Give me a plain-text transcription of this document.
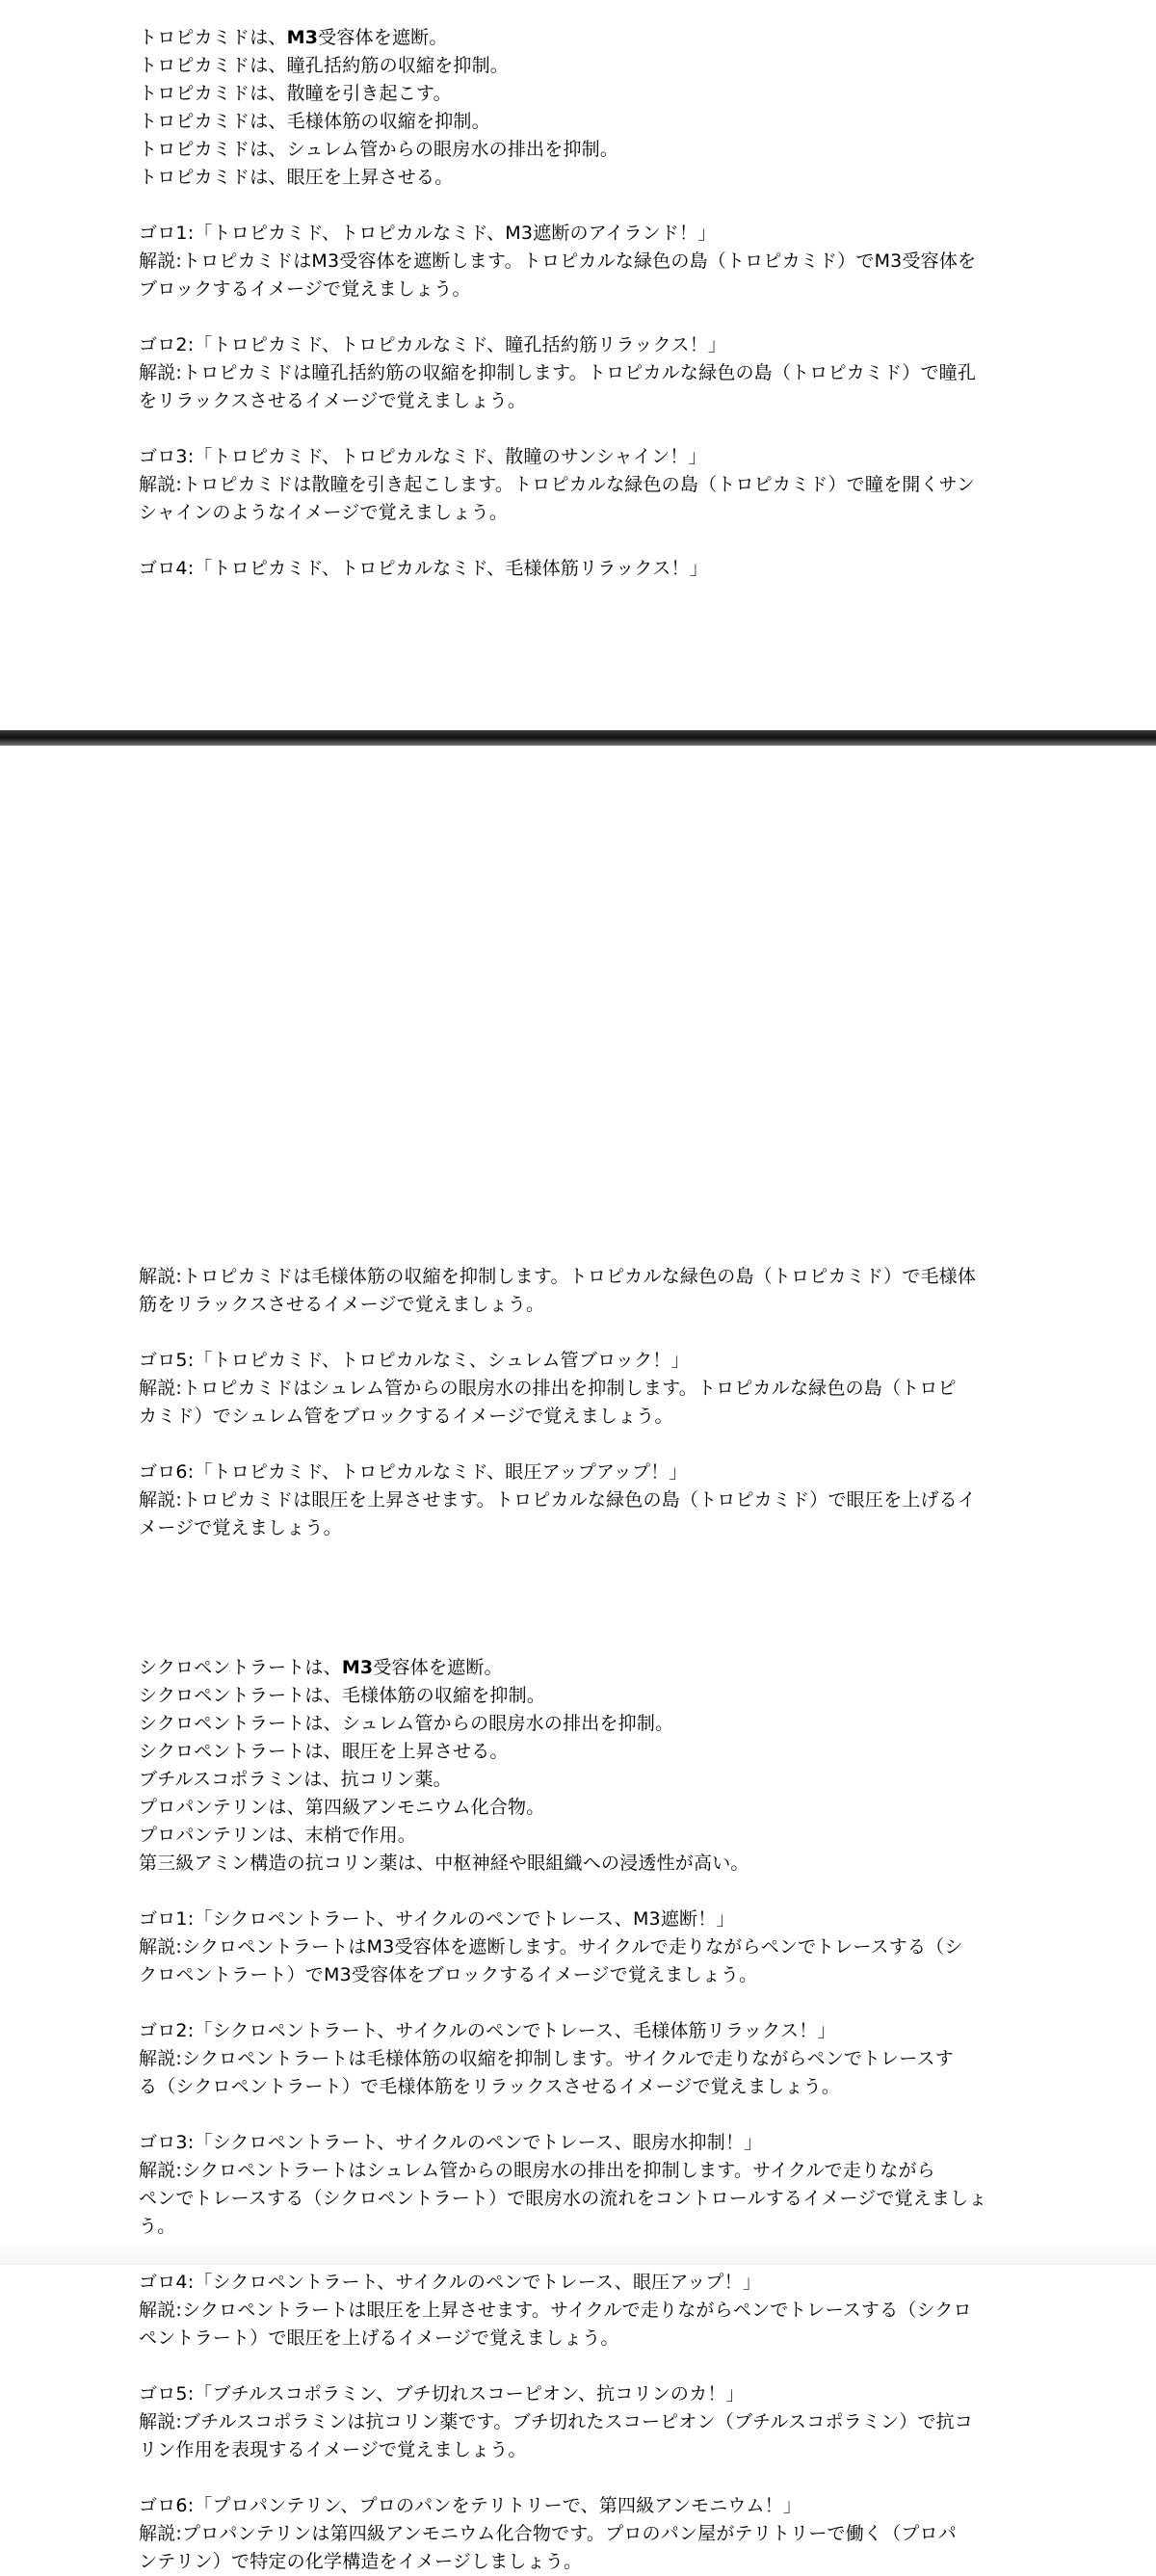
トロピカミドは、M3受容体を遮断。
トロピカミドは、瞳孔括約筋の収縮を抑制。
トロピカミドは、散瞳を引き起こす。
トロピカミドは、毛様体筋の収縮を抑制。
トロピカミドは、シュレム管からの眼房水の排出を抑制。
トロピカミドは、眼圧を上昇させる。
ゴロ1:「トロピカミド、トロピカルなミド、M3遮断のアイランド！」
解説:トロピカミドはM3受容体を遮断します。トロピカルな緑色の島（トロピカミド）でM3受容体を
ブロックするイメージで覚えましょう。
ゴロ2:「トロピカミド、トロピカルなミド、瞳孔括約筋リラックス！」
解説:トロピカミドは瞳孔括約筋の収縮を抑制します。トロピカルな緑色の島（トロピカミド）で瞳孔
をリラックスさせるイメージで覚えましょう。
ゴロ3:「トロピカミド、トロピカルなミド、散瞳のサンシャイン！」
解説:トロピカミドは散瞳を引き起こします。トロピカルな緑色の島（トロピカミド）で瞳を開くサン
シャインのようなイメージで覚えましょう。
ゴロ4:「トロピカミド、トロピカルなミド、毛様体筋リラックス！」
解説:トロピカミドは毛様体筋の収縮を抑制します。トロピカルな緑色の島（トロピカミド）で毛様体
筋をリラックスさせるイメージで覚えましょう。
ゴロ5:「トロピカミド、トロピカルなミ、シュレム管ブロック！」
解説:トロピカミドはシュレム管からの眼房水の排出を抑制します。トロピカルな緑色の島（トロピ
カミド）でシュレム管をブロックするイメージで覚えましょう。
ゴロ6:「トロピカミド、トロピカルなミド、眼圧アップアップ！」
解説:トロピカミドは眼圧を上昇させます。トロピカルな緑色の島（トロピカミド）で眼圧を上げるイ
メージで覚えましょう。
シクロペントラートは、M3受容体を遮断。
シクロペントラートは、毛様体筋の収縮を抑制。
シクロペントラートは、シュレム管からの眼房水の排出を抑制。
シクロペントラートは、眼圧を上昇させる。
ブチルスコポラミンは、抗コリン薬。
プロパンテリンは、第四級アンモニウム化合物。
プロパンテリンは、末梢で作用。
第三級アミン構造の抗コリン薬は、中枢神経や眼組織への浸透性が高い。
ゴロ1:「シクロペントラート、サイクルのペンでトレース、M3遮断！」
解説:シクロペントラートはM3受容体を遮断します。サイクルで走りながらペンでトレースする（シ
クロペントラート）でM3受容体をブロックするイメージで覚えましょう。
ゴロ2:「シクロペントラート、サイクルのペンでトレース、毛様体筋リラックス！」
解説:シクロペントラートは毛様体筋の収縮を抑制します。サイクルで走りながらペンでトレースす
る（シクロペントラート）で毛様体筋をリラックスさせるイメージで覚えましょう。
ゴロ3:「シクロペントラート、サイクルのペンでトレース、眼房水抑制！」
解説:シクロペントラートはシュレム管からの眼房水の排出を抑制します。サイクルで走りながら
ペンでトレースする（シクロペントラート）で眼房水の流れをコントロールするイメージで覚えましょ
う。
ゴロ4:「シクロペントラート、サイクルのペンでトレース、眼圧アップ！」
解説:シクロペントラートは眼圧を上昇させます。サイクルで走りながらペンでトレースする（シクロ
ペントラート）で眼圧を上げるイメージで覚えましょう。
ゴロ5:「ブチルスコポラミン、ブチ切れスコーピオン、抗コリンのカ！」
解説:ブチルスコポラミンは抗コリン薬です。ブチ切れたスコーピオン（ブチルスコポラミン）で抗コ
リン作用を表現するイメージで覚えましょう。
ゴロ6:「プロパンテリン、プロのパンをテリトリーで、第四級アンモニウム！」
解説:プロパンテリンは第四級アンモニウム化合物です。プロのパン屋がテリトリーで働く（プロパ
ンテリン）で特定の化学構造をイメージしましょう。
